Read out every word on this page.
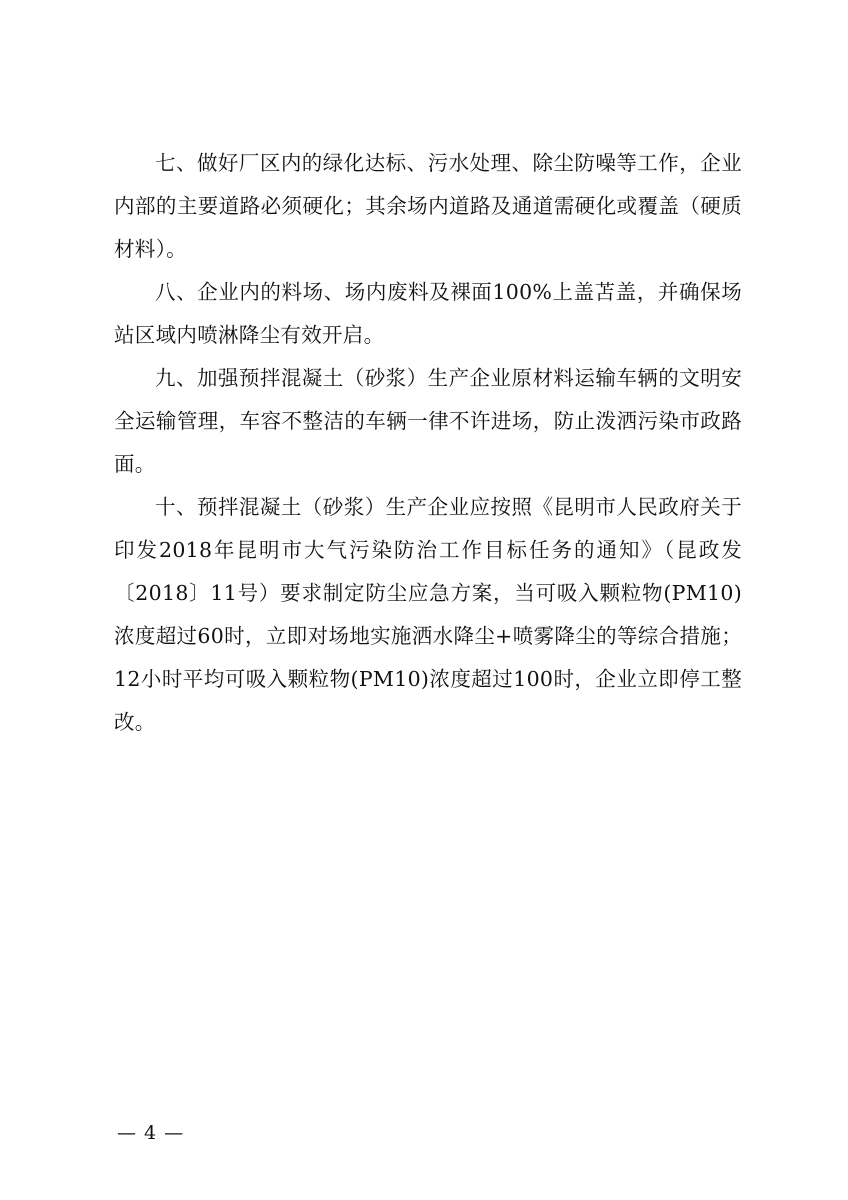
七、做好厂区内的绿化达标、污水处理、除尘防噪等工作，企业内部的主要道路必须硬化；其余场内道路及通道需硬化或覆盖（硬质材料）。

八、企业内的料场、场内废料及裸面100%上盖苫盖，并确保场站区域内喷淋降尘有效开启。

九、加强预拌混凝土（砂浆）生产企业原材料运输车辆的文明安全运输管理，车容不整洁的车辆一律不许进场，防止泼洒污染市政路面。

十、预拌混凝土（砂浆）生产企业应按照《昆明市人民政府关于印发2018年昆明市大气污染防治工作目标任务的通知》（昆政发〔2018〕11号）要求制定防尘应急方案，当可吸入颗粒物(PM10)浓度超过60时，立即对场地实施洒水降尘+喷雾降尘的等综合措施；12小时平均可吸入颗粒物(PM10)浓度超过100时，企业立即停工整改。

— 4 —
